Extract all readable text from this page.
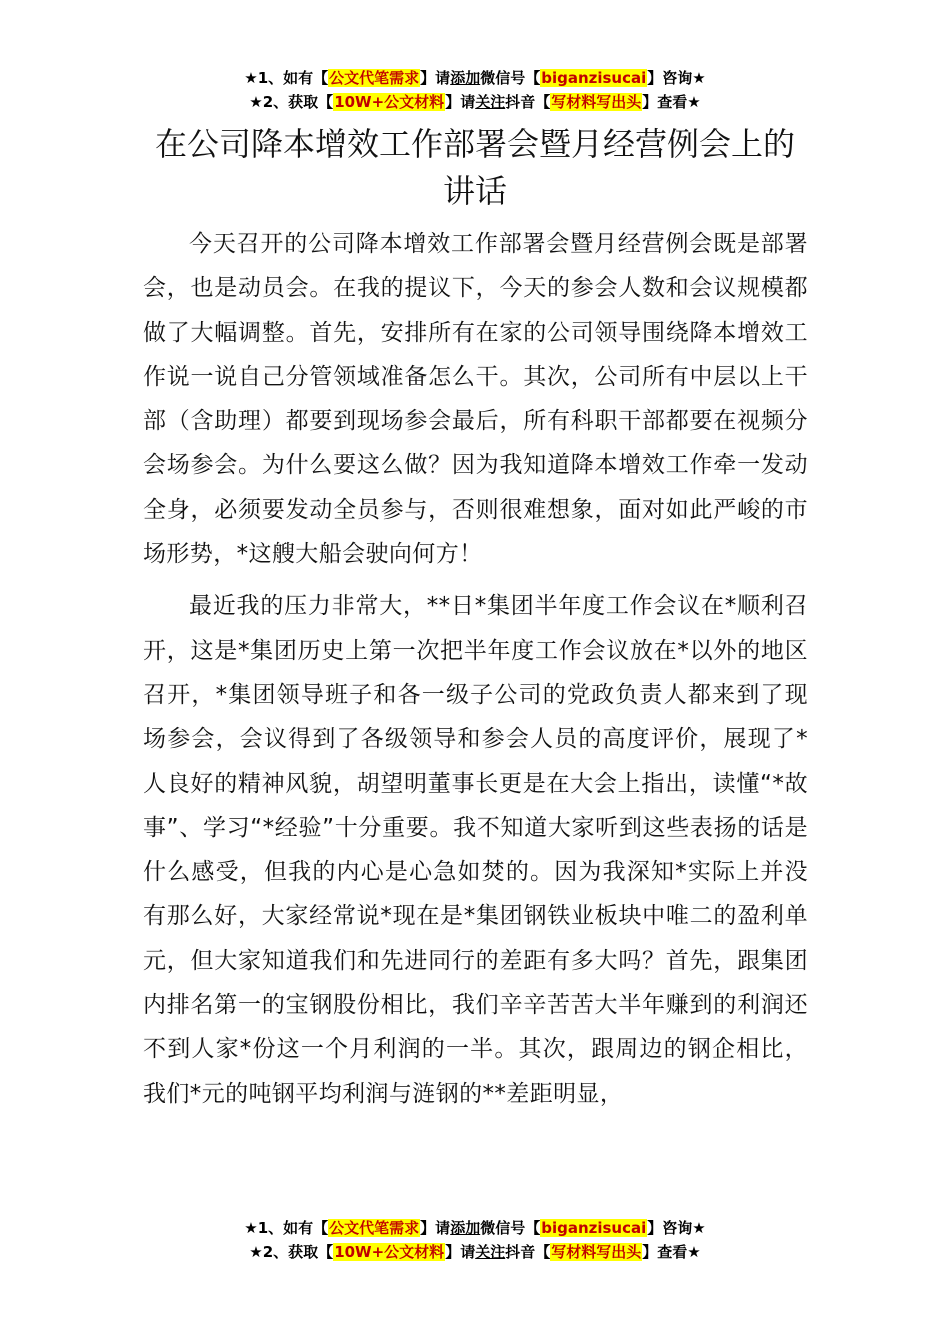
★1、如有【公文代笔需求】请添加微信号【biganzisucai】咨询★
★2、获取【10W+公文材料】请关注抖音【写材料写出头】查看★
在公司降本增效工作部署会暨月经营例会上的讲话

今天召开的公司降本增效工作部署会暨月经营例会既是部署会，也是动员会。在我的提议下，今天的参会人数和会议规模都做了大幅调整。首先，安排所有在家的公司领导围绕降本增效工作说一说自己分管领域准备怎么干。其次，公司所有中层以上干部（含助理）都要到现场参会最后，所有科职干部都要在视频分会场参会。为什么要这么做？因为我知道降本增效工作牵一发动全身，必须要发动全员参与，否则很难想象，面对如此严峻的市场形势，*这艘大船会驶向何方！

最近我的压力非常大，**日*集团半年度工作会议在*顺利召开，这是*集团历史上第一次把半年度工作会议放在*以外的地区召开，*集团领导班子和各一级子公司的党政负责人都来到了现场参会，会议得到了各级领导和参会人员的高度评价，展现了*人良好的精神风貌，胡望明董事长更是在大会上指出，读懂“*故事”、学习“*经验”十分重要。我不知道大家听到这些表扬的话是什么感受，但我的内心是心急如焚的。因为我深知*实际上并没有那么好，大家经常说*现在是*集团钢铁业板块中唯二的盈利单元，但大家知道我们和先进同行的差距有多大吗？首先，跟集团内排名第一的宝钢股份相比，我们辛辛苦苦大半年赚到的利润还不到人家*份这一个月利润的一半。其次，跟周边的钢企相比，我们*元的吨钢平均利润与涟钢的**差距明显，

★1、如有【公文代笔需求】请添加微信号【biganzisucai】咨询★
★2、获取【10W+公文材料】请关注抖音【写材料写出头】查看★
